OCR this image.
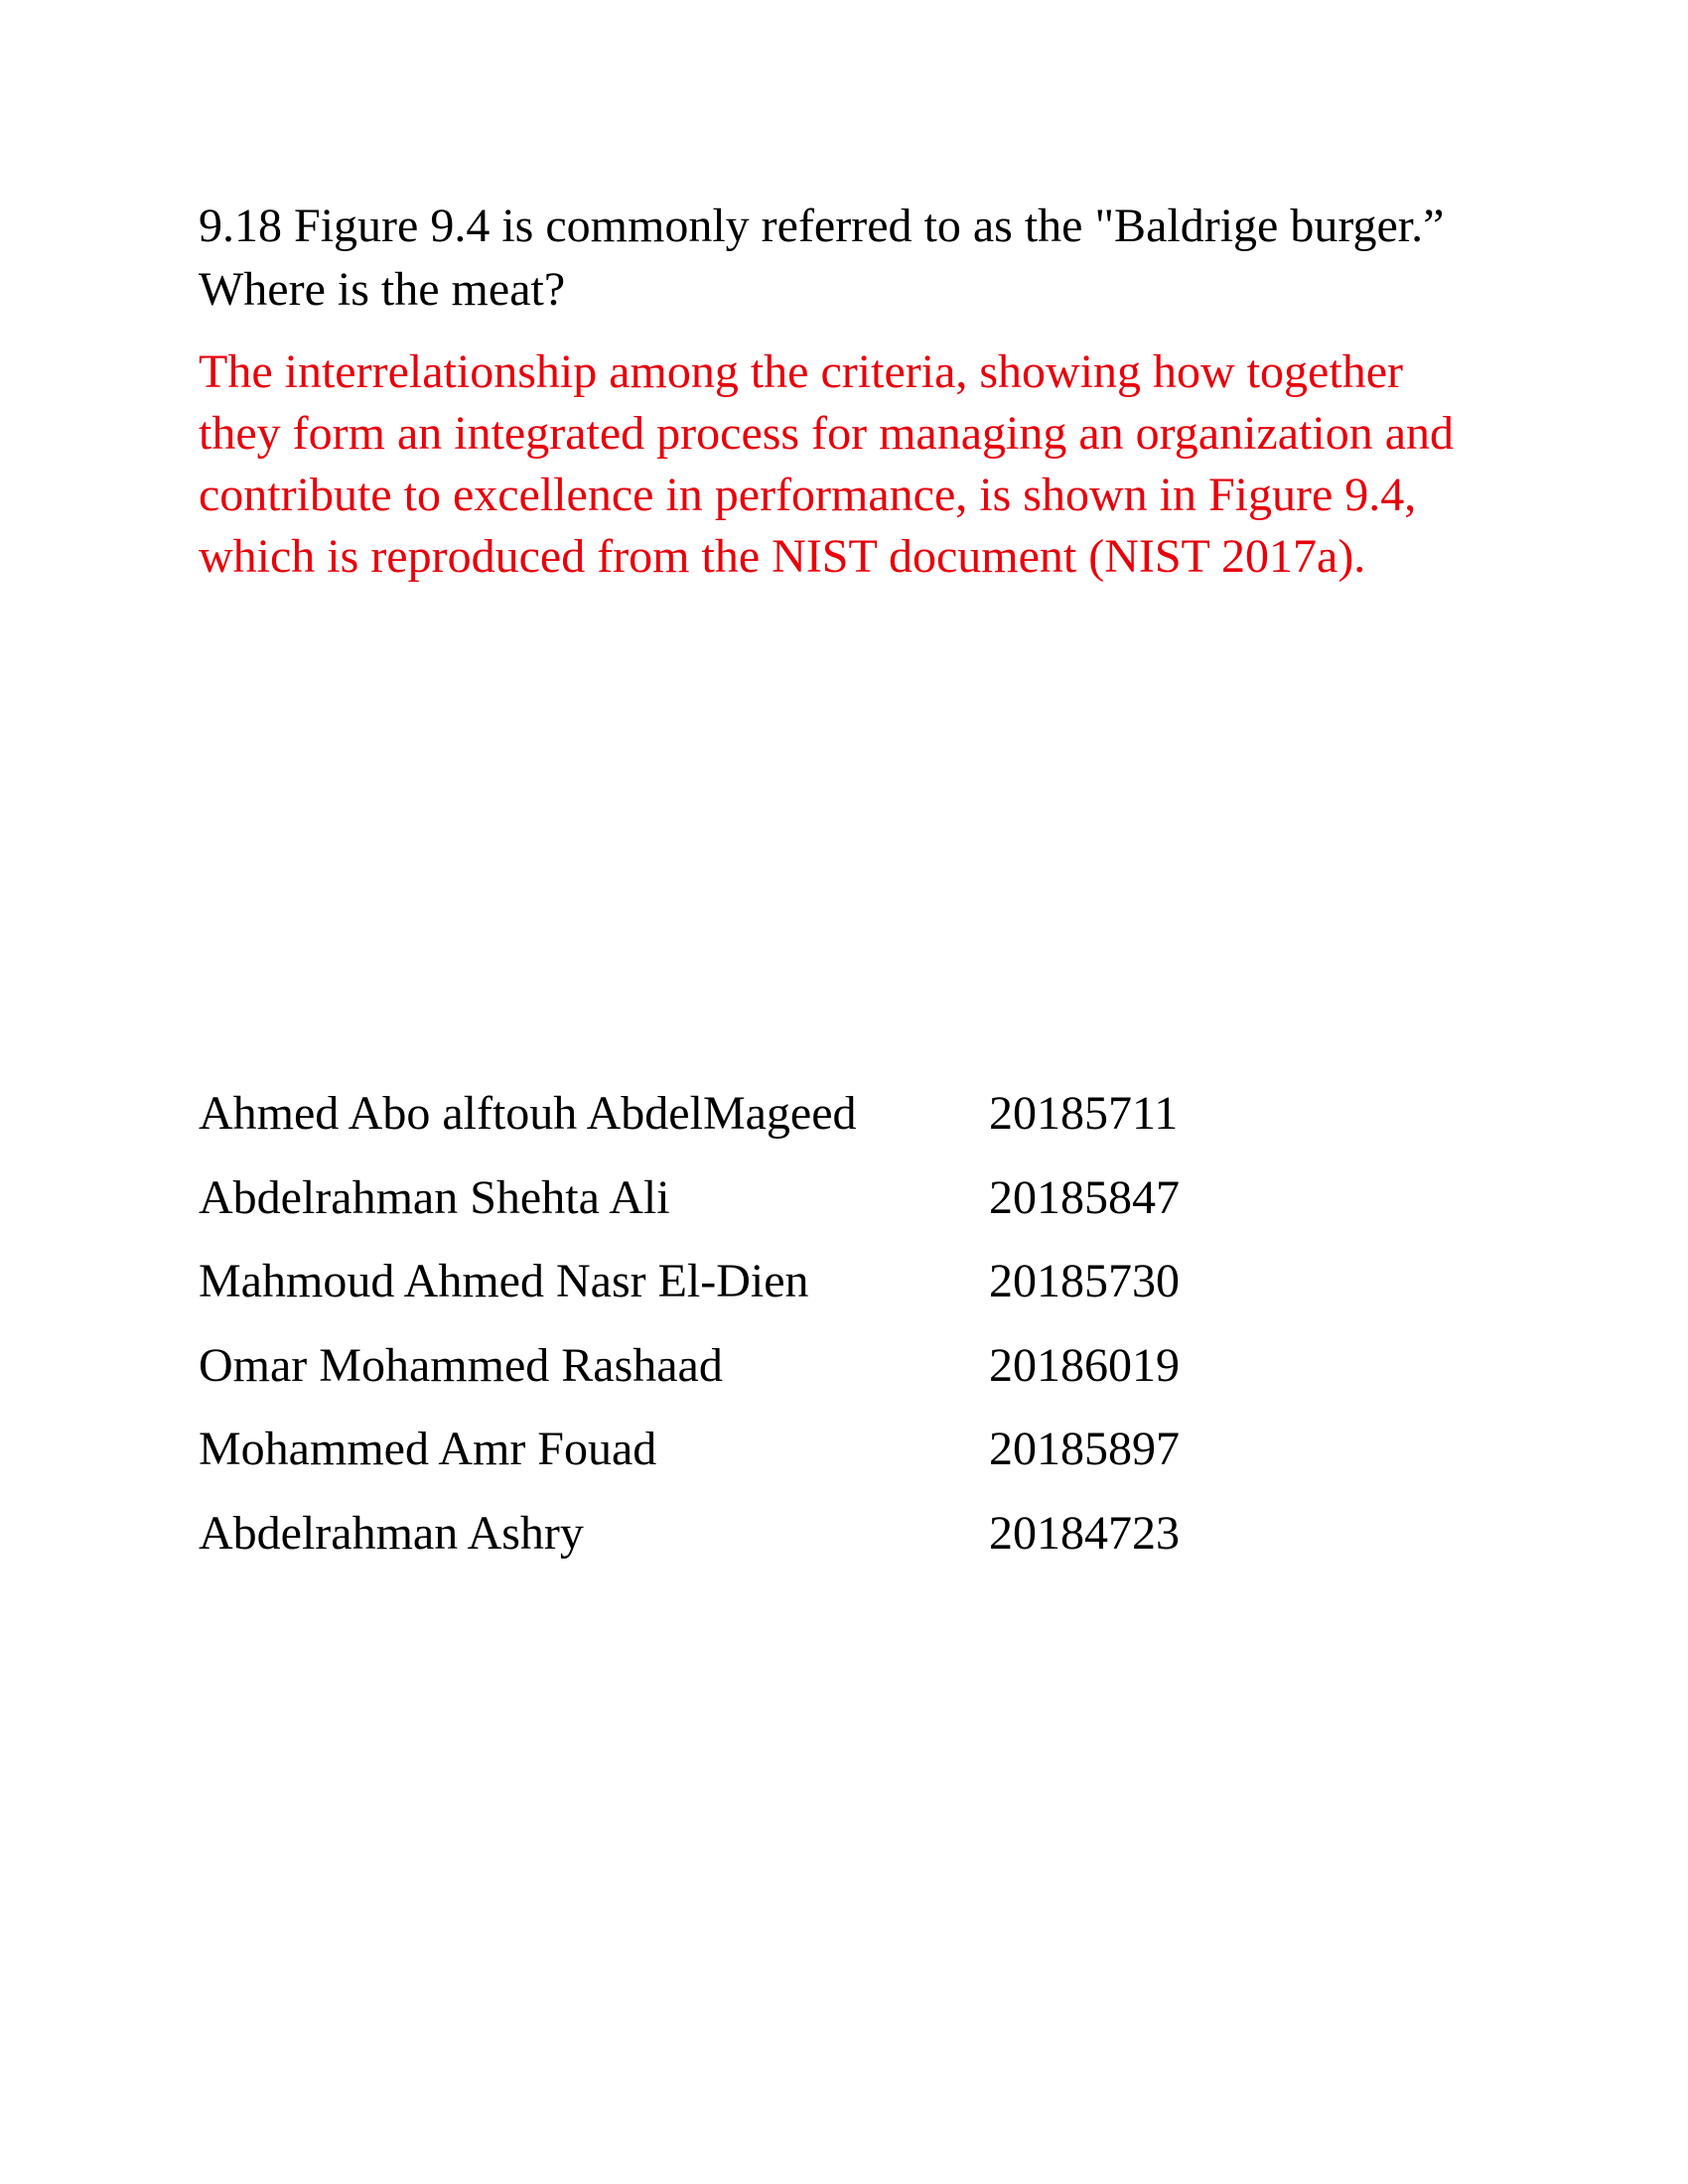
9.18 Figure 9.4 is commonly referred to as the "Baldrige burger.” Where is the meat?

The interrelationship among the criteria, showing how together they form an integrated process for managing an organization and contribute to excellence in performance, is shown in Figure 9.4, which is reproduced from the NIST document (NIST 2017a).

Ahmed Abo alftouh AbdelMageed	20185711
Abdelrahman Shehta Ali	20185847
Mahmoud Ahmed Nasr El-Dien	20185730
Omar Mohammed Rashaad	20186019
Mohammed Amr Fouad	20185897
Abdelrahman Ashry	20184723
